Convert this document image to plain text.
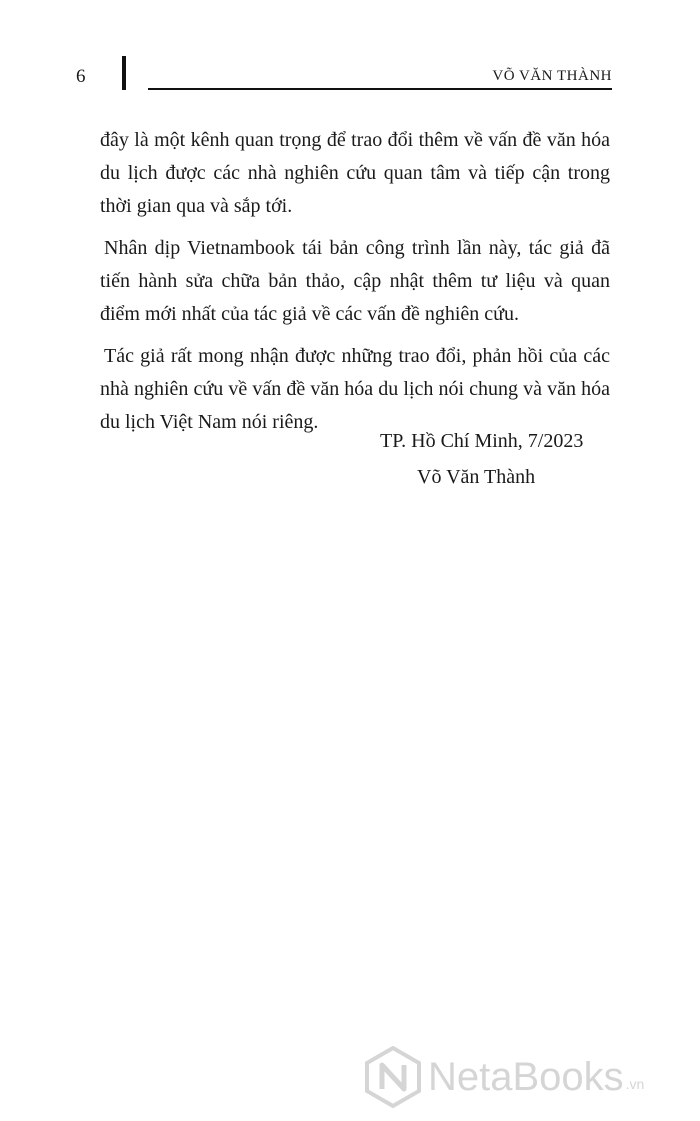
6	VÕ VĂN THÀNH

đây là một kênh quan trọng để trao đổi thêm về vấn đề văn hóa du lịch được các nhà nghiên cứu quan tâm và tiếp cận trong thời gian qua và sắp tới.

Nhân dịp Vietnambook tái bản công trình lần này, tác giả đã tiến hành sửa chữa bản thảo, cập nhật thêm tư liệu và quan điểm mới nhất của tác giả về các vấn đề nghiên cứu.

Tác giả rất mong nhận được những trao đổi, phản hồi của các nhà nghiên cứu về vấn đề văn hóa du lịch nói chung và văn hóa du lịch Việt Nam nói riêng.

TP. Hồ Chí Minh, 7/2023
Võ Văn Thành
NetaBooks .vn
